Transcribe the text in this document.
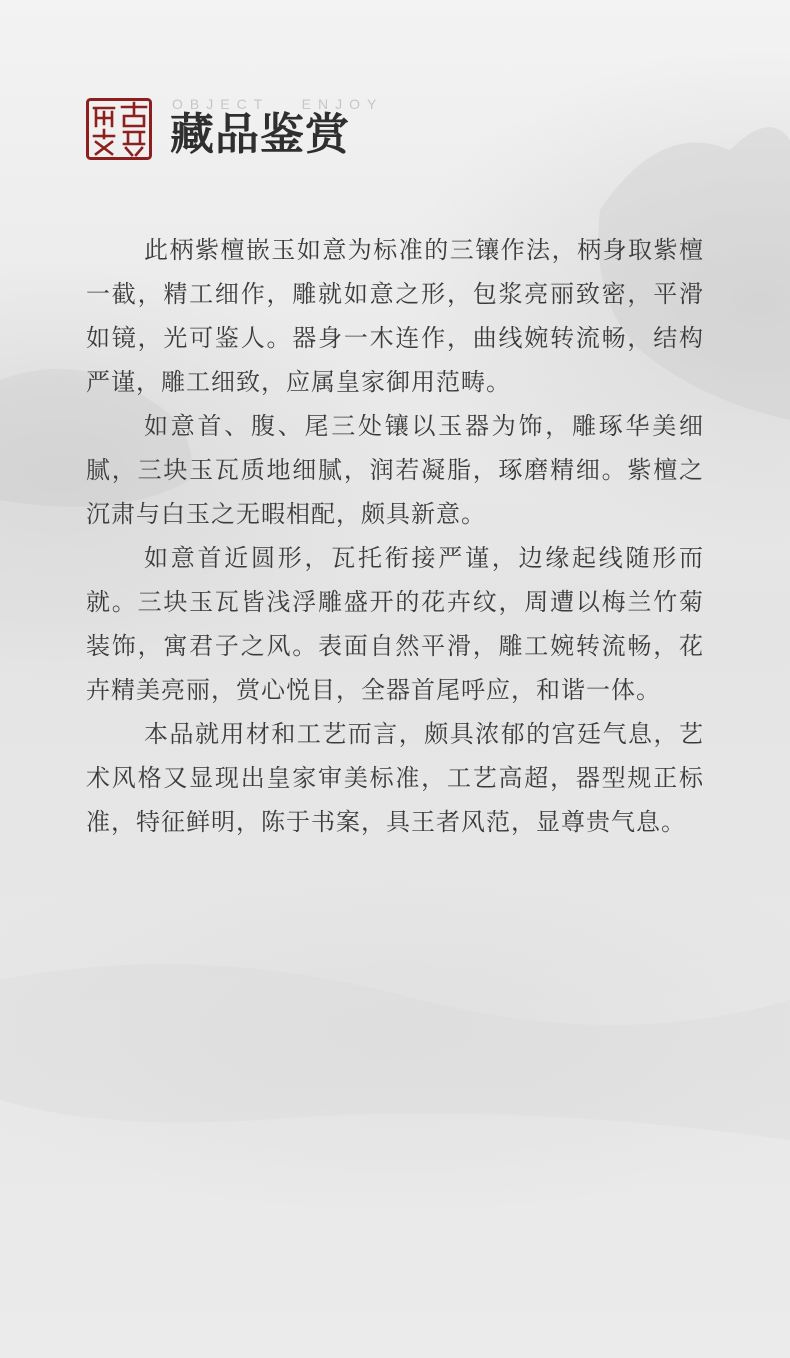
OBJECT   ENJOY
藏品鉴赏

此柄紫檀嵌玉如意为标准的三镶作法，柄身取紫檀一截，精工细作，雕就如意之形，包浆亮丽致密，平滑如镜，光可鉴人。器身一木连作，曲线婉转流畅，结构严谨，雕工细致，应属皇家御用范畴。

如意首、腹、尾三处镶以玉器为饰，雕琢华美细腻，三块玉瓦质地细腻，润若凝脂，琢磨精细。紫檀之沉肃与白玉之无暇相配，颇具新意。

如意首近圆形，瓦托衔接严谨，边缘起线随形而就。三块玉瓦皆浅浮雕盛开的花卉纹，周遭以梅兰竹菊装饰，寓君子之风。表面自然平滑，雕工婉转流畅，花卉精美亮丽，赏心悦目，全器首尾呼应，和谐一体。

本品就用材和工艺而言，颇具浓郁的宫廷气息，艺术风格又显现出皇家审美标准，工艺高超，器型规正标准，特征鲜明，陈于书案，具王者风范，显尊贵气息。
